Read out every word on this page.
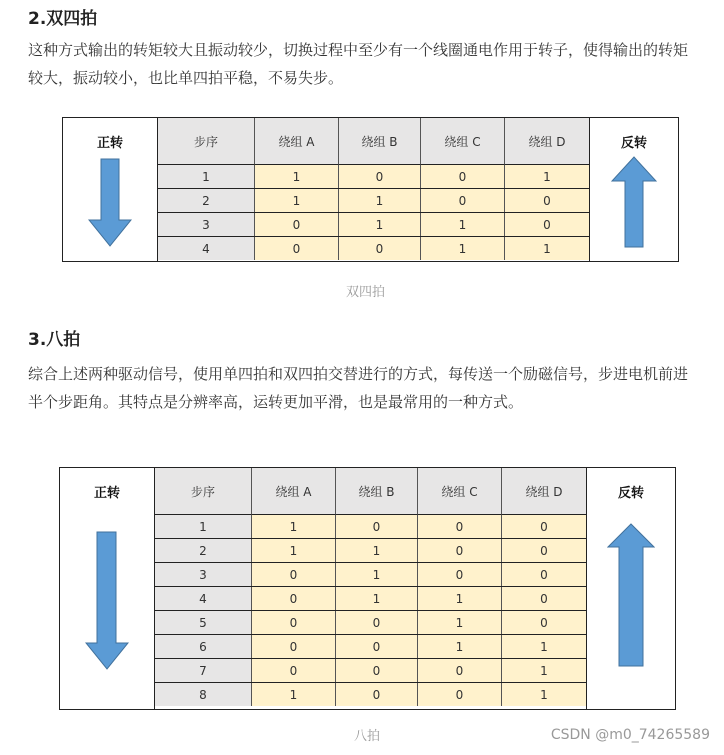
2.双四拍
这种方式输出的转矩较大且振动较少，切换过程中至少有一个线圈通电作用于转子，使得输出的转矩较大，振动较小，也比单四拍平稳，不易失步。
正转	步序	绕组 A	绕组 B	绕组 C	绕组 D
1	1	0	0	1
2	1	1	0	0
3	0	1	1	0
4	0	0	1	1
反转
双四拍
3.八拍
综合上述两种驱动信号，使用单四拍和双四拍交替进行的方式，每传送一个励磁信号，步进电机前进半个步距角。其特点是分辨率高，运转更加平滑，也是最常用的一种方式。
正转	步序	绕组 A	绕组 B	绕组 C	绕组 D
1	1	0	0	0
2	1	1	0	0
3	0	1	0	0
4	0	1	1	0
5	0	0	1	0
6	0	0	1	1
7	0	0	0	1
8	1	0	0	1
反转
八拍	CSDN @m0_74265589
